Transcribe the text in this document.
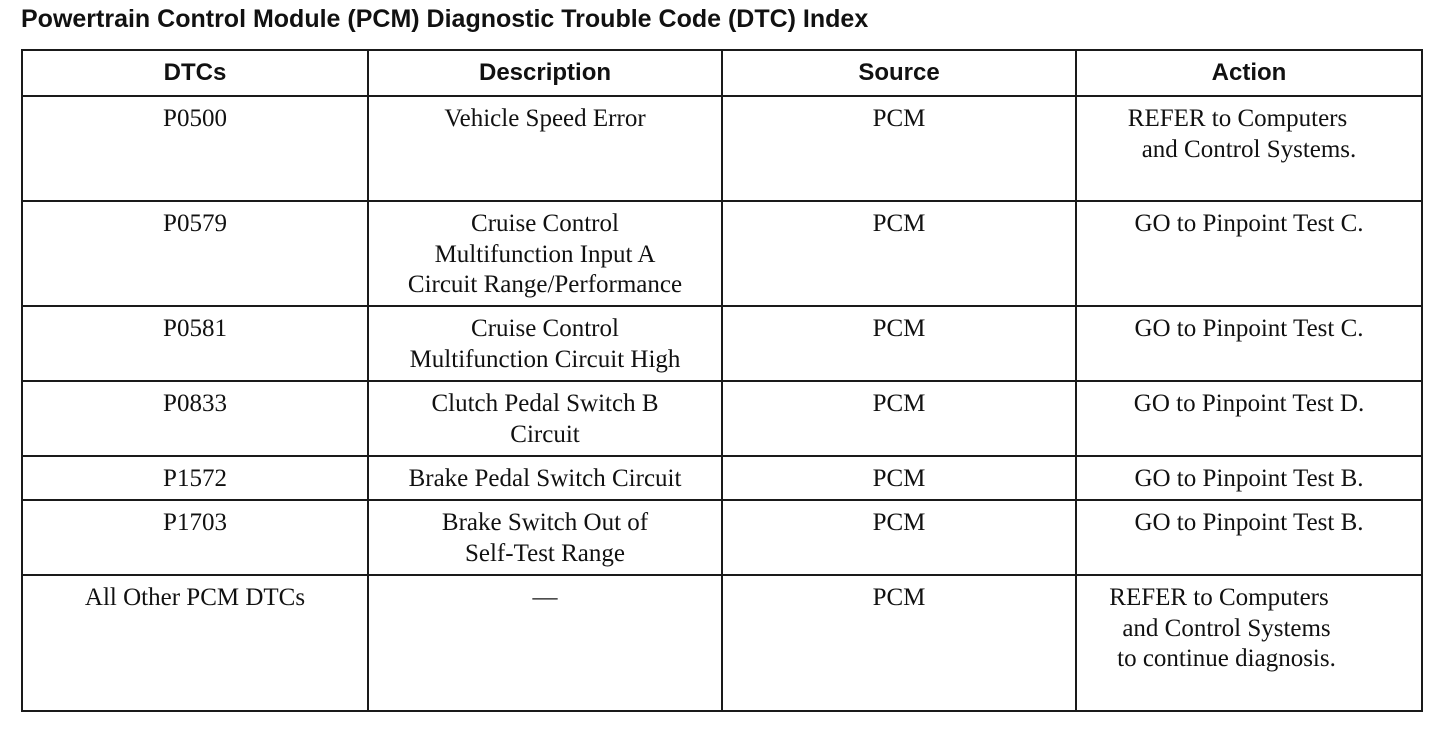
Powertrain Control Module (PCM) Diagnostic Trouble Code (DTC) Index
DTCs	Description	Source	Action
P0500	Vehicle Speed Error	PCM	REFER to Computers
and Control Systems.

P0579	Cruise Control
Multifunction Input A
Circuit Range/Performance	PCM	GO to Pinpoint Test C.

P0581	Cruise Control
Multifunction Circuit High	PCM	GO to Pinpoint Test C.

P0833	Clutch Pedal Switch B
Circuit	PCM	GO to Pinpoint Test D.

P1572	Brake Pedal Switch Circuit	PCM	GO to Pinpoint Test B.

P1703	Brake Switch Out of
Self-Test Range	PCM	GO to Pinpoint Test B.

All Other PCM DTCs	—	PCM	REFER to Computers
and Control Systems
to continue diagnosis.
